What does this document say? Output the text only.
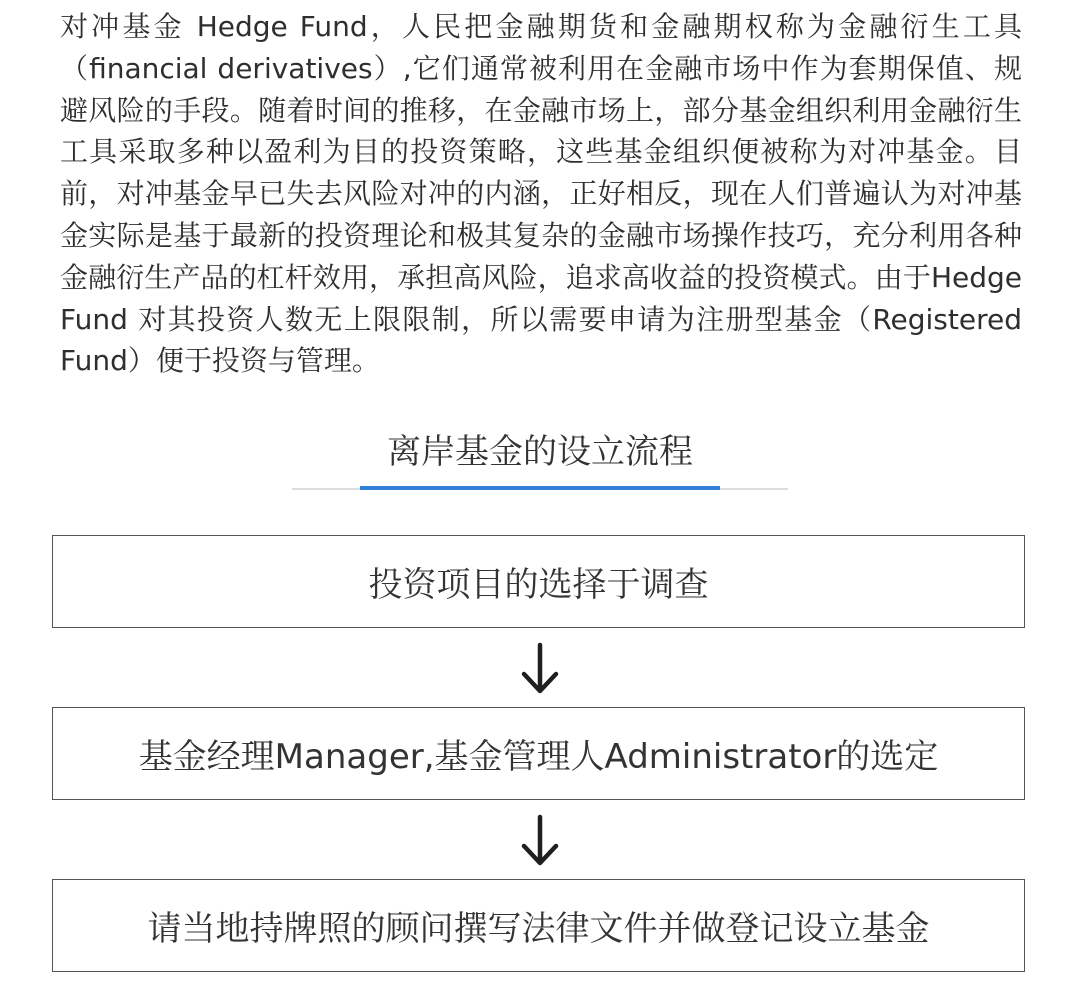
对冲基金 Hedge Fund，人民把金融期货和金融期权称为金融衍生工具（financial derivatives）,它们通常被利用在金融市场中作为套期保值、规避风险的手段。随着时间的推移，在金融市场上，部分基金组织利用金融衍生工具采取多种以盈利为目的投资策略，这些基金组织便被称为对冲基金。目前，对冲基金早已失去风险对冲的内涵，正好相反，现在人们普遍认为对冲基金实际是基于最新的投资理论和极其复杂的金融市场操作技巧，充分利用各种金融衍生产品的杠杆效用，承担高风险，追求高收益的投资模式。由于Hedge Fund 对其投资人数无上限限制，所以需要申请为注册型基金（Registered Fund）便于投资与管理。

离岸基金的设立流程
投资项目的选择于调查
基金经理Manager,基金管理人Administrator的选定
请当地持牌照的顾问撰写法律文件并做登记设立基金
